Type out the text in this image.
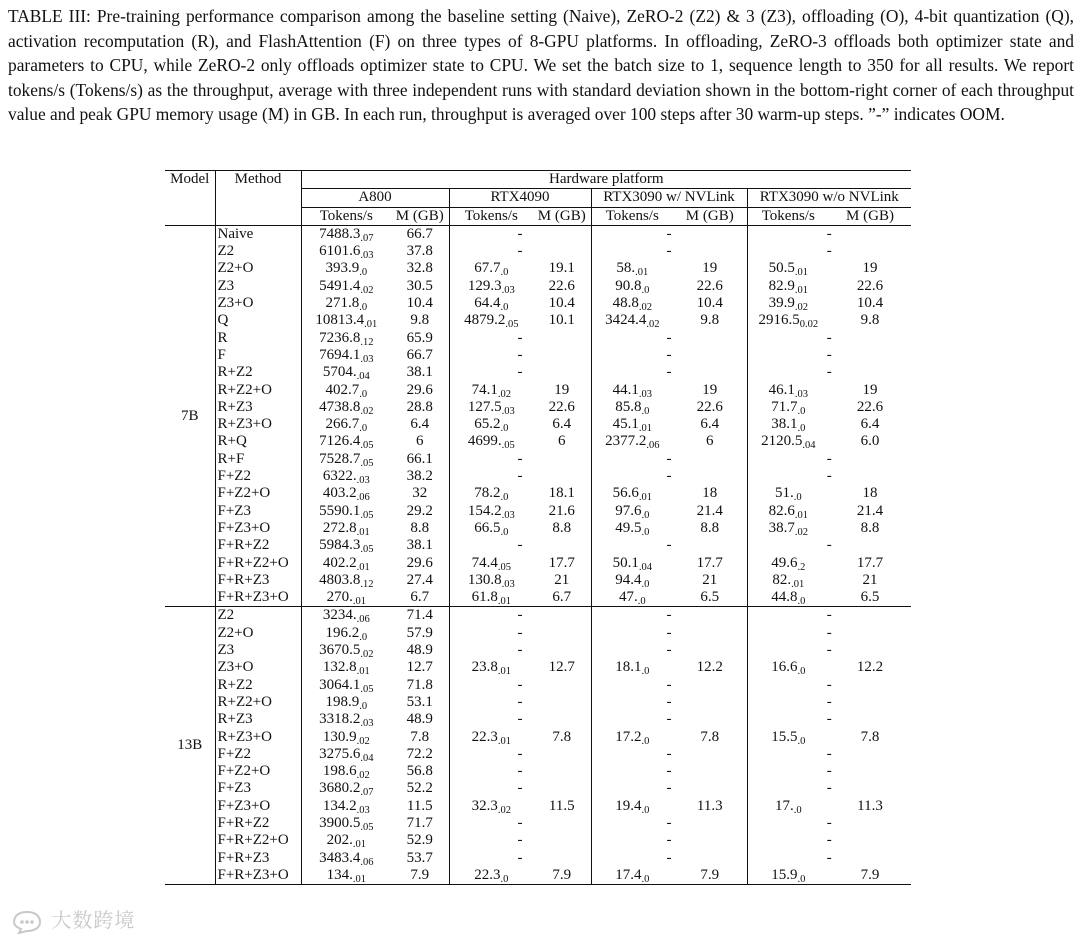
TABLE III: Pre-training performance comparison among the baseline setting (Naive), ZeRO-2 (Z2) & 3 (Z3), offloading (O), 4-bit quantization (Q), activation recomputation (R), and FlashAttention (F) on three types of 8-GPU platforms. In offloading, ZeRO-3 offloads both optimizer state and parameters to CPU, while ZeRO-2 only offloads optimizer state to CPU. We set the batch size to 1, sequence length to 350 for all results. We report tokens/s (Tokens/s) as the throughput, average with three independent runs with standard deviation shown in the bottom-right corner of each throughput value and peak GPU memory usage (M) in GB. In each run, throughput is averaged over 100 steps after 30 warm-up steps. ”-” indicates OOM.
Model	Method	Hardware platform							
		A800		RTX4090		RTX3090 w/ NVLink		RTX3090 w/o NVLink	
		Tokens/s	M (GB)	Tokens/s	M (GB)	Tokens/s	M (GB)	Tokens/s	M (GB)
7B	Naive	$7488.3_{.07}$	66.7	-		-		-	
	Z2	$6101.6_{.03}$	37.8	-		-		-	
	Z2+O	$393.9_{.0}$	32.8	$67.7_{.0}$	19.1	$58._{.01}$	19	$50.5_{.01}$	19
	Z3	$5491.4_{.02}$	30.5	$129.3_{.03}$	22.6	$90.8_{.0}$	22.6	$82.9_{.01}$	22.6
	Z3+O	$271.8_{.0}$	10.4	$64.4_{.0}$	10.4	$48.8_{.02}$	10.4	$39.9_{.02}$	10.4
	Q	$10813.4_{.01}$	9.8	$4879.2_{.05}$	10.1	$3424.4_{.02}$	9.8	$2916.5_{0.02}$	9.8
	R	$7236.8_{.12}$	65.9	-		-		-	
	F	$7694.1_{.03}$	66.7	-		-		-	
	R+Z2	$5704._{.04}$	38.1	-		-		-	
	R+Z2+O	$402.7_{.0}$	29.6	$74.1_{.02}$	19	$44.1_{.03}$	19	$46.1_{.03}$	19
	R+Z3	$4738.8_{.02}$	28.8	$127.5_{.03}$	22.6	$85.8_{.0}$	22.6	$71.7_{.0}$	22.6
	R+Z3+O	$266.7_{.0}$	6.4	$65.2_{.0}$	6.4	$45.1_{.01}$	6.4	$38.1_{.0}$	6.4
	R+Q	$7126.4_{.05}$	6	$4699._{.05}$	6	$2377.2_{.06}$	6	$2120.5_{.04}$	6.0
	R+F	$7528.7_{.05}$	66.1	-		-		-	
	F+Z2	$6322._{.03}$	38.2	-		-		-	
	F+Z2+O	$403.2_{.06}$	32	$78.2_{.0}$	18.1	$56.6_{.01}$	18	$51._{.0}$	18
	F+Z3	$5590.1_{.05}$	29.2	$154.2_{.03}$	21.6	$97.6_{.0}$	21.4	$82.6_{.01}$	21.4
	F+Z3+O	$272.8_{.01}$	8.8	$66.5_{.0}$	8.8	$49.5_{.0}$	8.8	$38.7_{.02}$	8.8
	F+R+Z2	$5984.3_{.05}$	38.1	-		-		-	
	F+R+Z2+O	$402.2_{.01}$	29.6	$74.4_{.05}$	17.7	$50.1_{.04}$	17.7	$49.6_{.2}$	17.7
	F+R+Z3	$4803.8_{.12}$	27.4	$130.8_{.03}$	21	$94.4_{.0}$	21	$82._{.01}$	21
	F+R+Z3+O	$270._{.01}$	6.7	$61.8_{.01}$	6.7	$47._{.0}$	6.5	$44.8_{.0}$	6.5
13B	Z2	$3234._{.06}$	71.4	-		-		-	
	Z2+O	$196.2_{.0}$	57.9	-		-		-	
	Z3	$3670.5_{.02}$	48.9	-		-		-	
	Z3+O	$132.8_{.01}$	12.7	$23.8_{.01}$	12.7	$18.1_{.0}$	12.2	$16.6_{.0}$	12.2
	R+Z2	$3064.1_{.05}$	71.8	-		-		-	
	R+Z2+O	$198.9_{.0}$	53.1	-		-		-	
	R+Z3	$3318.2_{.03}$	48.9	-		-		-	
	R+Z3+O	$130.9_{.02}$	7.8	$22.3_{.01}$	7.8	$17.2_{.0}$	7.8	$15.5_{.0}$	7.8
	F+Z2	$3275.6_{.04}$	72.2	-		-		-	
	F+Z2+O	$198.6_{.02}$	56.8	-		-		-	
	F+Z3	$3680.2_{.07}$	52.2	-		-		-	
	F+Z3+O	$134.2_{.03}$	11.5	$32.3_{.02}$	11.5	$19.4_{.0}$	11.3	$17._{.0}$	11.3
	F+R+Z2	$3900.5_{.05}$	71.7	-		-		-	
	F+R+Z2+O	$202._{.01}$	52.9	-		-		-	
	F+R+Z3	$3483.4_{.06}$	53.7	-		-		-	
	F+R+Z3+O	$134._{.01}$	7.9	$22.3_{.0}$	7.9	$17.4_{.0}$	7.9	$15.9_{.0}$	7.9
大数跨境
